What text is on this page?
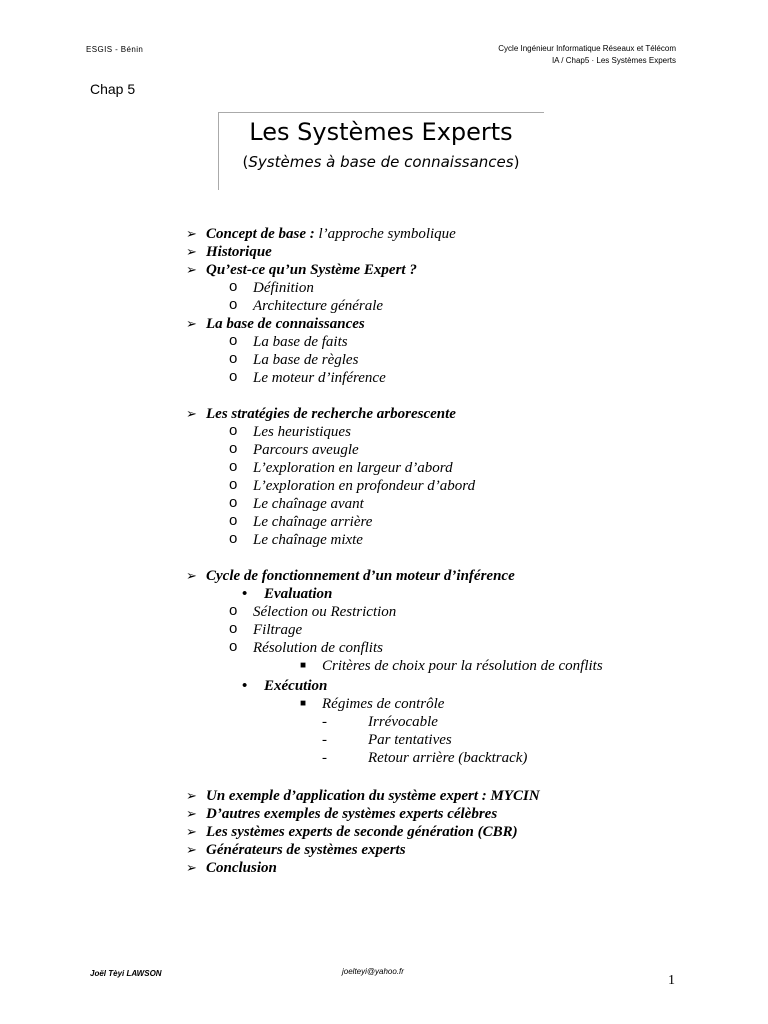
ESGIS - Bénin	Cycle Ingénieur Informatique Réseaux et Télécom
IA / Chap5 · Les Systèmes Experts
Chap 5
Les Systèmes Experts
(Systèmes à base de connaissances)
➢ Concept de base : l’approche symbolique
➢ Historique
➢ Qu’est-ce qu’un Système Expert ?
o Définition
o Architecture générale
➢ La base de connaissances
o La base de faits
o La base de règles
o Le moteur d’inférence
➢ Les stratégies de recherche arborescente
o Les heuristiques
o Parcours aveugle
o L’exploration en largeur d’abord
o L’exploration en profondeur d’abord
o Le chaînage avant
o Le chaînage arrière
o Le chaînage mixte
➢ Cycle de fonctionnement d’un moteur d’inférence
• Evaluation
o Sélection ou Restriction
o Filtrage
o Résolution de conflits
■ Critères de choix pour la résolution de conflits
• Exécution
■ Régimes de contrôle
-	Irrévocable
-	Par tentatives
-	Retour arrière (backtrack)
➢ Un exemple d’application du système expert : MYCIN
➢ D’autres exemples de systèmes experts célèbres
➢ Les systèmes experts de seconde génération (CBR)
➢ Générateurs de systèmes experts
➢ Conclusion
Joël Tèyi LAWSON	joelteyi@yahoo.fr
1
